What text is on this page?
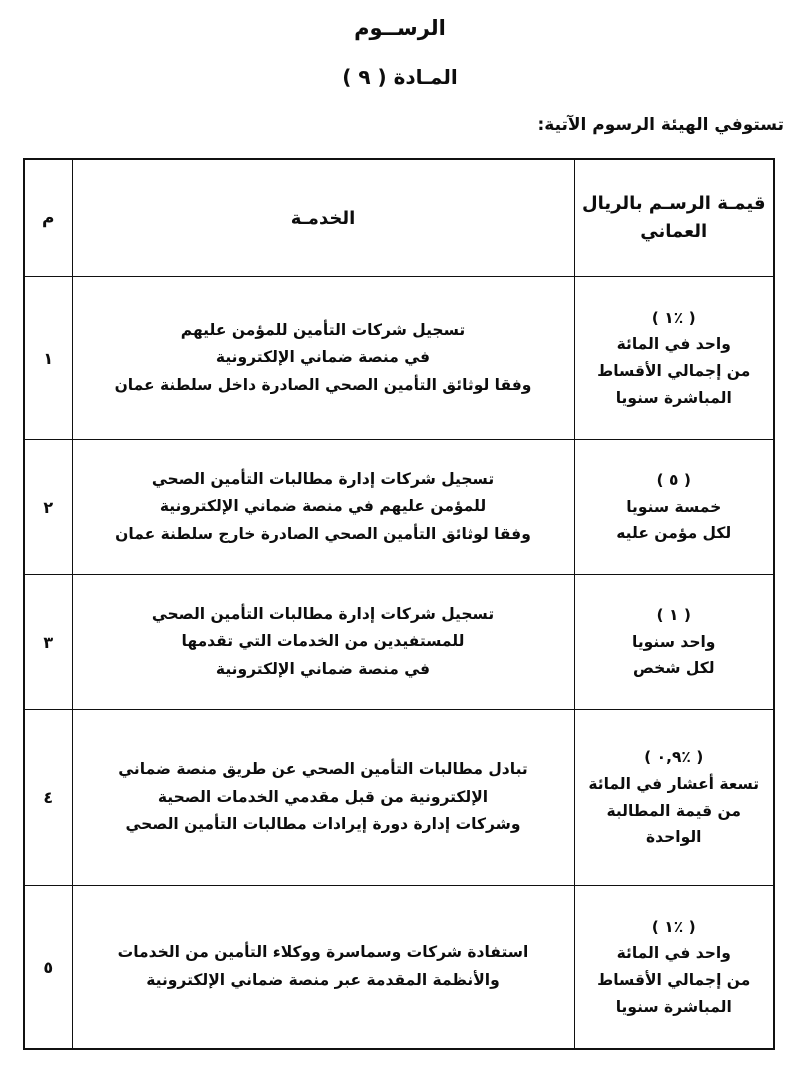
الرســوم
المـادة ( ٩ )

تستوفي الهيئة الرسوم الآتية:

قيمـة الرسـم بالريال العماني	الخدمـة	م

( ٪١ )
واحد في المائة
من إجمالي الأقساط
المباشرة سنويا	تسجيل شركات التأمين للمؤمن عليهم
في منصة ضماني الإلكترونية
وفقا لوثائق التأمين الصحي الصادرة داخل سلطنة عمان	١

( ٥ )
خمسة سنويا
لكل مؤمن عليه	تسجيل شركات إدارة مطالبات التأمين الصحي
للمؤمن عليهم في منصة ضماني الإلكترونية
وفقا لوثائق التأمين الصحي الصادرة خارج سلطنة عمان	٢

( ١ )
واحد سنويا
لكل شخص	تسجيل شركات إدارة مطالبات التأمين الصحي
للمستفيدين من الخدمات التي تقدمها
في منصة ضماني الإلكترونية	٣

( ٪٠,٩ )
تسعة أعشار في المائة
من قيمة المطالبة
الواحدة	تبادل مطالبات التأمين الصحي عن طريق منصة ضماني
الإلكترونية من قبل مقدمي الخدمات الصحية
وشركات إدارة دورة إيرادات مطالبات التأمين الصحي	٤

( ٪١ )
واحد في المائة
من إجمالي الأقساط
المباشرة سنويا	استفادة شركات وسماسرة ووكلاء التأمين من الخدمات
والأنظمة المقدمة عبر منصة ضماني الإلكترونية	٥
